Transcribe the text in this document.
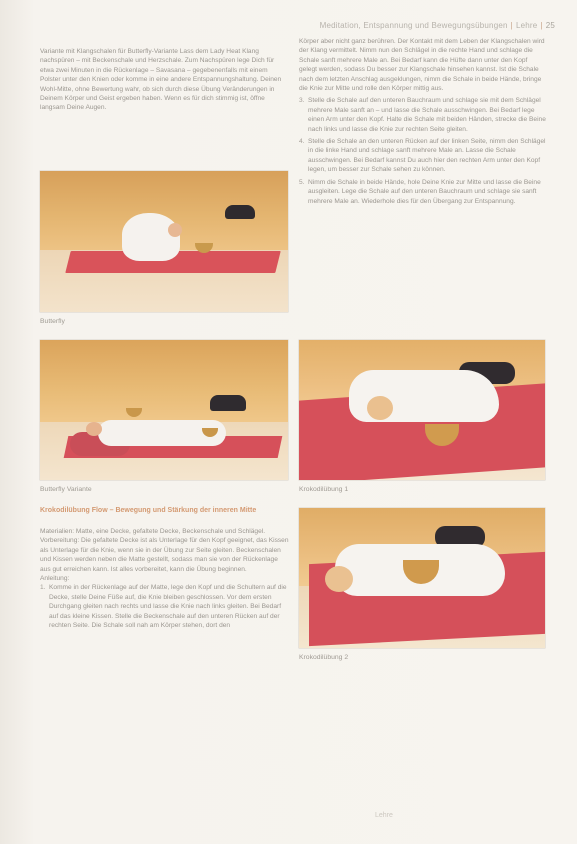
Meditation, Entspannung und Bewegungsübungen | Lehre | 25

Variante mit Klangschalen für Butterfly-Variante Lass dem Lady Heat Klang nachspüren – mit Beckenschale und Herzschale. Zum Nachspüren lege Dich für etwa zwei Minuten in die Rückenlage – Savasana – gegebenenfalls mit einem Polster unter den Knien oder komme in eine andere Entspannungshaltung. Deinen Wohl-Mitte, ohne Bewertung wahr, ob sich durch diese Übung Veränderungen in Deinem Körper und Geist ergeben haben. Wenn es für dich stimmig ist, öffne langsam Deine Augen.

Körper aber nicht ganz berühren. Der Kontakt mit dem Leben der Klangschalen wird der Klang vermittelt. Nimm nun den Schlägel in die rechte Hand und schlage die Schale sanft mehrere Male an. Bei Bedarf kann die Hüfte dann unter den Kopf gelegt werden, sodass Du besser zur Klangschale hinsehen kannst. Ist die Schale nach dem letzten Anschlag ausgeklungen, nimm die Schale in beide Hände, bringe die Knie zur Mitte und rolle den Körper mittig aus.

3. Stelle die Schale auf den unteren Bauchraum und schlage sie mit dem Schlägel mehrere Male sanft an – und lasse die Schale ausschwingen. Bei Bedarf lege einen Arm unter den Kopf. Halte die Schale mit beiden Händen, strecke die Beine nach links und lasse die Knie zur rechten Seite gleiten.

4. Stelle die Schale an den unteren Rücken auf der linken Seite, nimm den Schlägel in die linke Hand und schlage sanft mehrere Male an. Lasse die Schale ausschwingen. Bei Bedarf kannst Du auch hier den rechten Arm unter den Kopf legen, um besser zur Schale sehen zu können.

5. Nimm die Schale in beide Hände, hole Deine Knie zur Mitte und lasse die Beine ausgleiten. Lege die Schale auf den unteren Bauchraum und schlage sie sanft mehrere Male an. Wiederhole dies für den Übergang zur Entspannung.

Butterfly
Butterfly Variante	Krokodilübung 1
Krokodilübung 2
Krokodilübung Flow – Bewegung und Stärkung der inneren Mitte

Materialien: Matte, eine Decke, gefaltete Decke, Beckenschale und Schlägel. Vorbereitung: Die gefaltete Decke ist als Unterlage für den Kopf geeignet, das Kissen als Unterlage für die Knie, wenn sie in der Übung zur Seite gleiten. Beckenschalen und Kissen werden neben die Matte gestellt, sodass man sie von der Rückenlage aus gut erreichen kann. Ist alles vorbereitet, kann die Übung beginnen.

Anleitung:

1. Komme in der Rückenlage auf der Matte, lege den Kopf und die Schultern auf die Decke, stelle Deine Füße auf, die Knie bleiben geschlossen. Vor dem ersten Durchgang gleiten nach rechts und lasse die Knie nach links gleiten. Bei Bedarf auf das kleine Kissen. Stelle die Beckenschale auf den unteren Rücken auf der rechten Seite. Die Schale soll nah am Körper stehen, dort den

Lehre
